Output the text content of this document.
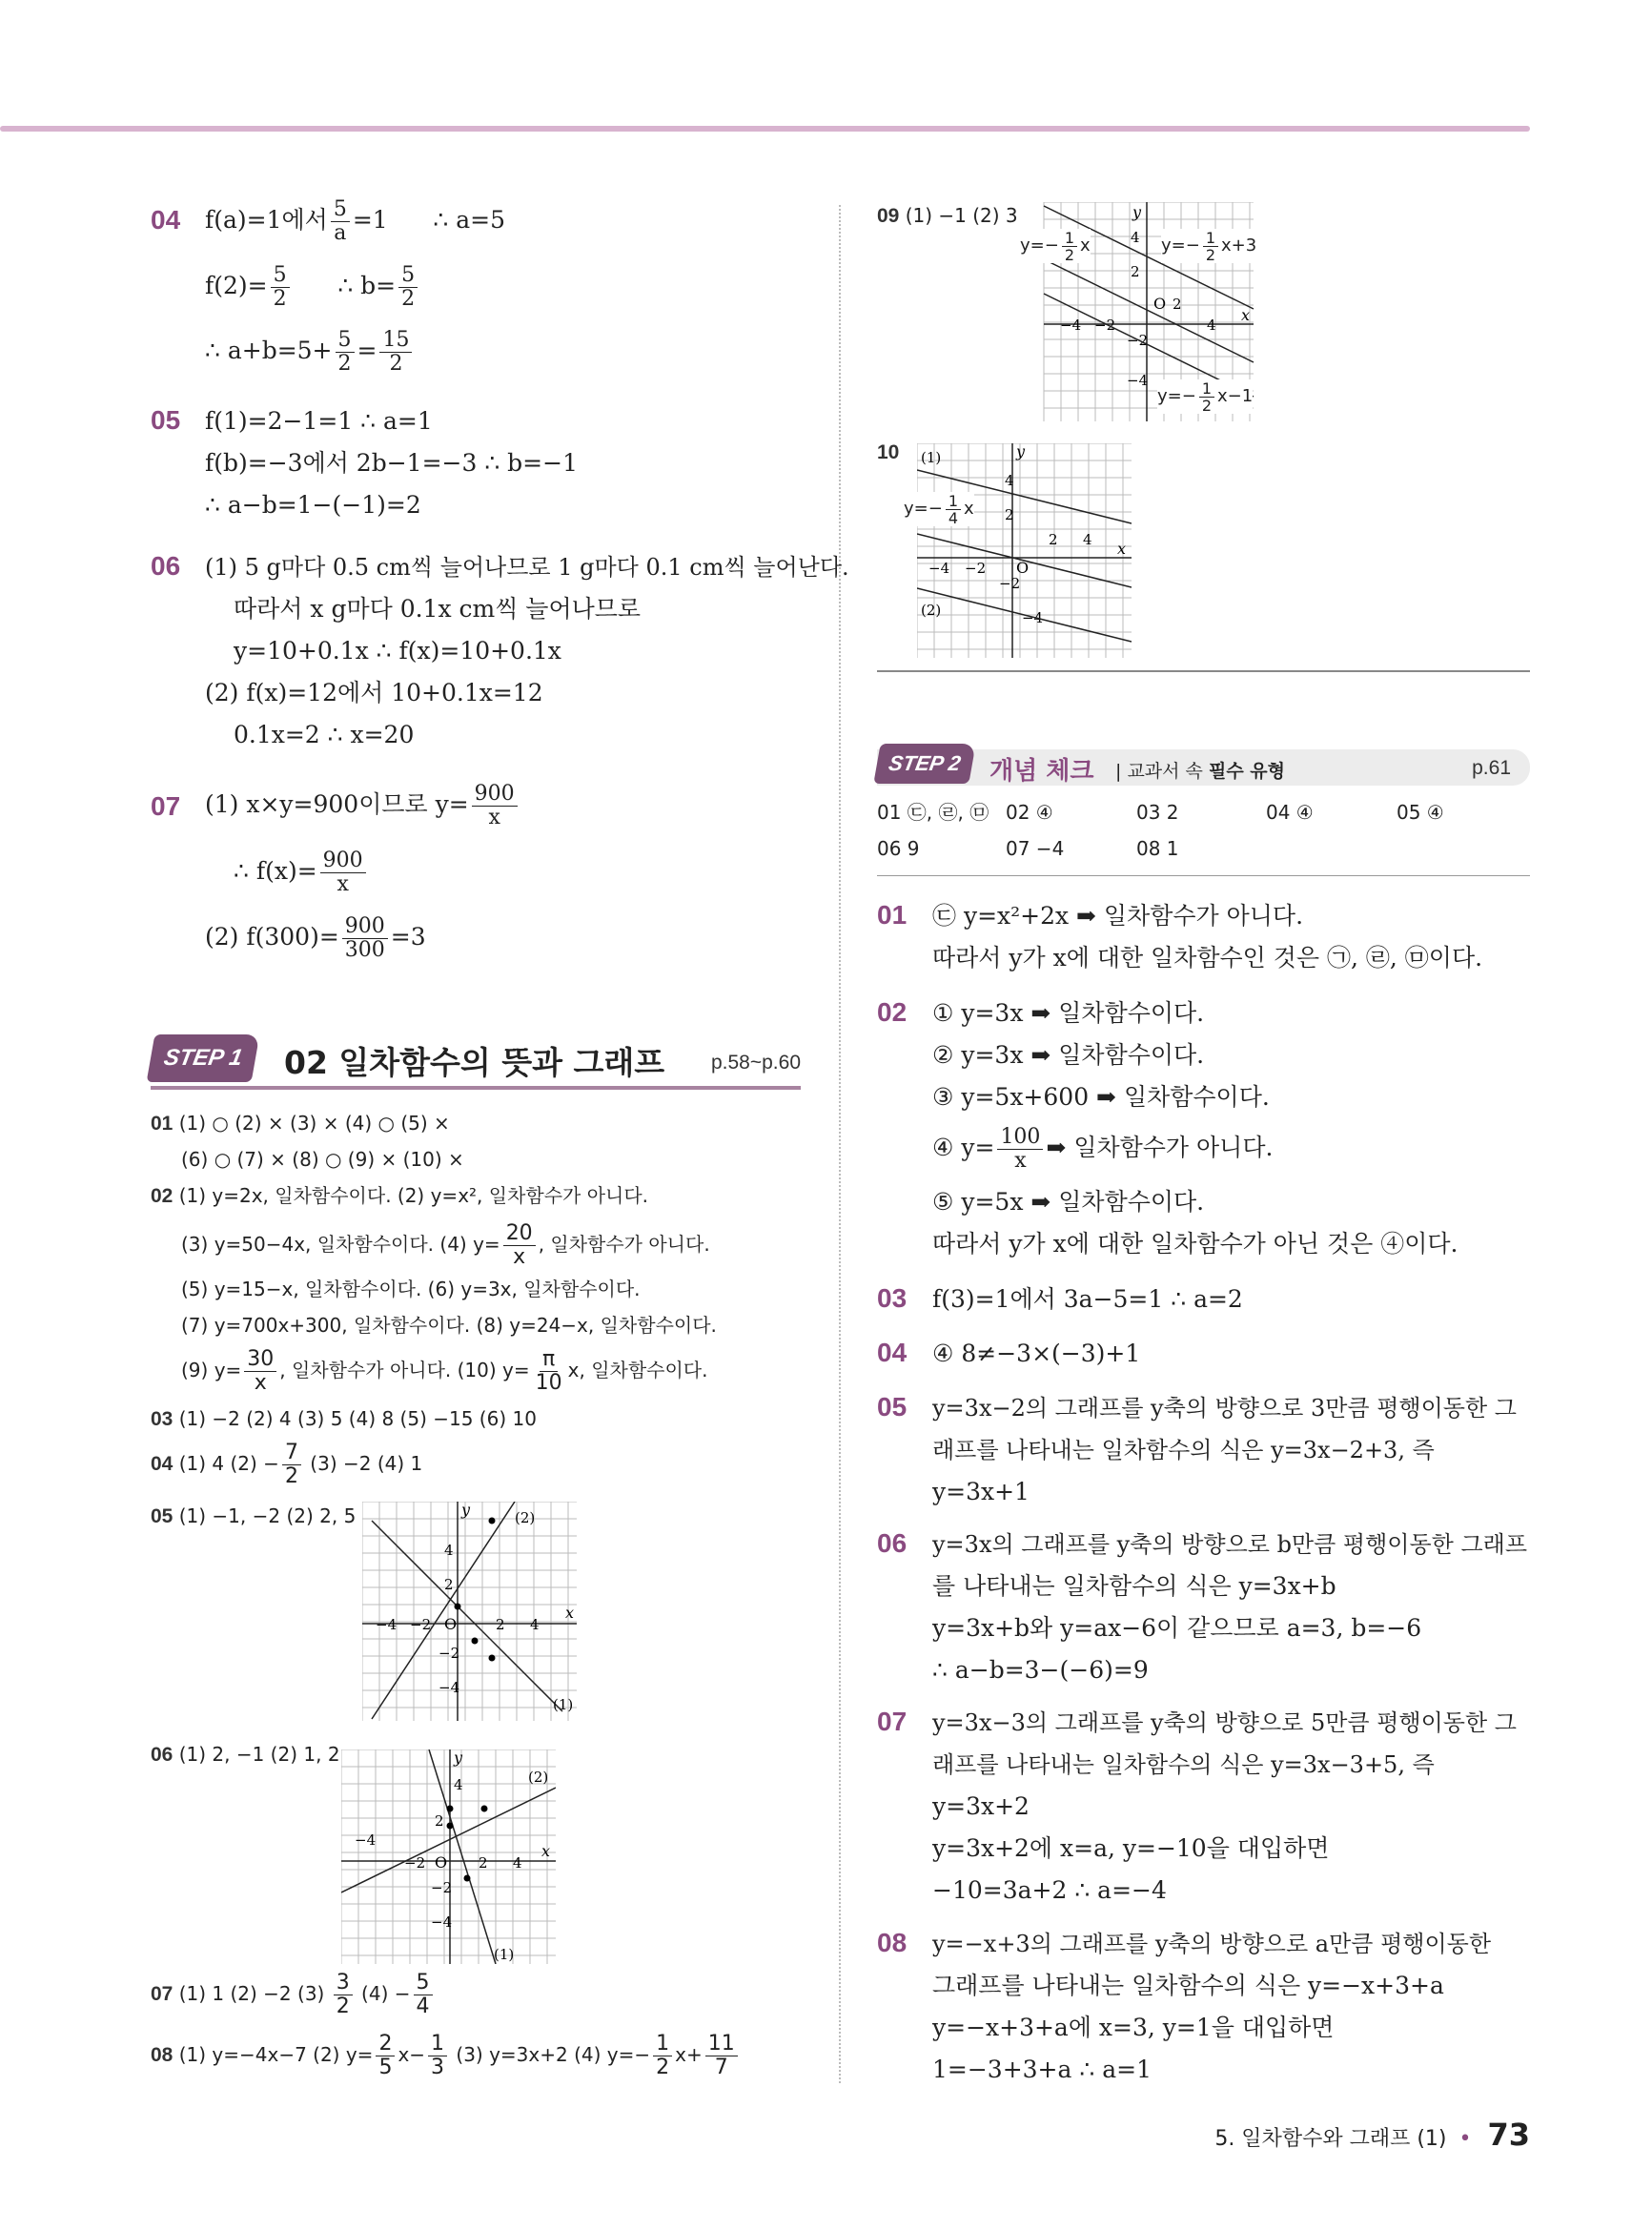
04 f(a)=1에서 $\frac{5}{a} =1$ ∴ a=5
$f(2)= \frac{5}{2}$ ∴ $b= \frac{5}{2}$
∴ $a+b=5+ \frac{5}{2} = \frac{15}{2}$
05 f(1)=2−1=1 ∴ a=1
f(b)=−3에서 2b−1=−3 ∴ b=−1
∴ a−b=1−(−1)=2
06 (1) 5 g마다 0.5 cm씩 늘어나므로 1 g마다 0.1 cm씩 늘어난다.
따라서 x g마다 0.1x cm씩 늘어나므로
y=10+0.1x ∴ f(x)=10+0.1x
(2) f(x)=12에서 10+0.1x=12
0.1x=2 ∴ x=20
07 (1) x×y=900이므로 $y= \frac{900}{x}$
∴ $f(x)= \frac{900}{x}$
(2) $f(300)= \frac{900}{300} =3$
STEP 1	02 일차함수의 뜻과 그래프 p.58~p.60
01 (1) ○ (2) × (3) × (4) ○ (5) ×
(6) ○ (7) × (8) ○ (9) × (10) ×
02 (1) y=2x, 일차함수이다. (2) y=x², 일차함수가 아니다.
(3) y=50−4x, 일차함수이다. (4) $y= \frac{20}{x}$ , 일차함수가 아니다.
(5) y=15−x, 일차함수이다. (6) y=3x, 일차함수이다.
(7) y=700x+300, 일차함수이다. (8) y=24−x, 일차함수이다.
(9) $y= \frac{30}{x}$ , 일차함수가 아니다. (10) $y= \frac{\pi}{10} x$, 일차함수이다.
03 (1) −2 (2) 4 (3) 5 (4) 8 (5) −15 (6) 10
04 (1) 4 $(2) - \frac{7}{2} (3) -2$ (4) 1
05 (1) −1, −2 (2) 2, 5
06 (1) 2, −1 (2) 1, 2
07 (1) 1 (2) −2 $(3) \frac{3}{2} (4) - \frac{5}{4}$
08 (1) y=−4x−7 (2) $y= \frac{2}{5} x- \frac{1}{3} (3)$ y=3x+2 (4) $y=- \frac{1}{2} x+ \frac{11}{7}$
x
y
O
−4 −2	2 4
4
2
−2
−4
(2)
(1)
x
y
O
−4
−2	2 4
4
2
−2
−4
(2)
(1)
09 (1) −1 (2) 3
x
y
O
−4 −2
2
4
4
2
−2
−4
$y=- \frac{1}{2}$ x	$y=- \frac{1}{2} x+3$
$y=- \frac{1}{2} x-1$
10
x
y
O
−4 −2
2 4
4
2
−2
−4
(1)
(2)
$y=- \frac{1}{4}$ x
STEP 2	개념 체크 | 교과서 속 필수 유형	p.61
01 ㉢, ㉣, ㉤ 02 ④	03 2	04 ④	05 ④
06 9	07 −4	08 1
01 ㉢ y=x²+2x ➡ 일차함수가 아니다.
따라서 y가 x에 대한 일차함수인 것은 ㉠, ㉣, ㉤이다.
02 ① y=3x ➡ 일차함수이다.
② y=3x ➡ 일차함수이다.
③ y=5x+600 ➡ 일차함수이다.
④ $y= \frac{100}{x}$ ➡ 일차함수가 아니다.
⑤ y=5x ➡ 일차함수이다.
따라서 y가 x에 대한 일차함수가 아닌 것은 ④이다.
03 f(3)=1에서 3a−5=1 ∴ a=2
04 ④ 8≠−3×(−3)+1
05 y=3x−2의 그래프를 y축의 방향으로 3만큼 평행이동한 그
래프를 나타내는 일차함수의 식은 y=3x−2+3, 즉
y=3x+1
06 y=3x의 그래프를 y축의 방향으로 b만큼 평행이동한 그래프
를 나타내는 일차함수의 식은 y=3x+b
y=3x+b와 y=ax−6이 같으므로 a=3, b=−6
∴ a−b=3−(−6)=9
07 y=3x−3의 그래프를 y축의 방향으로 5만큼 평행이동한 그
래프를 나타내는 일차함수의 식은 y=3x−3+5, 즉
y=3x+2
y=3x+2에 x=a, y=−10을 대입하면
−10=3a+2 ∴ a=−4
08 y=−x+3의 그래프를 y축의 방향으로 a만큼 평행이동한
그래프를 나타내는 일차함수의 식은 y=−x+3+a
y=−x+3+a에 x=3, y=1을 대입하면
1=−3+3+a ∴ a=1
5. 일차함수와 그래프 (1) • 73
